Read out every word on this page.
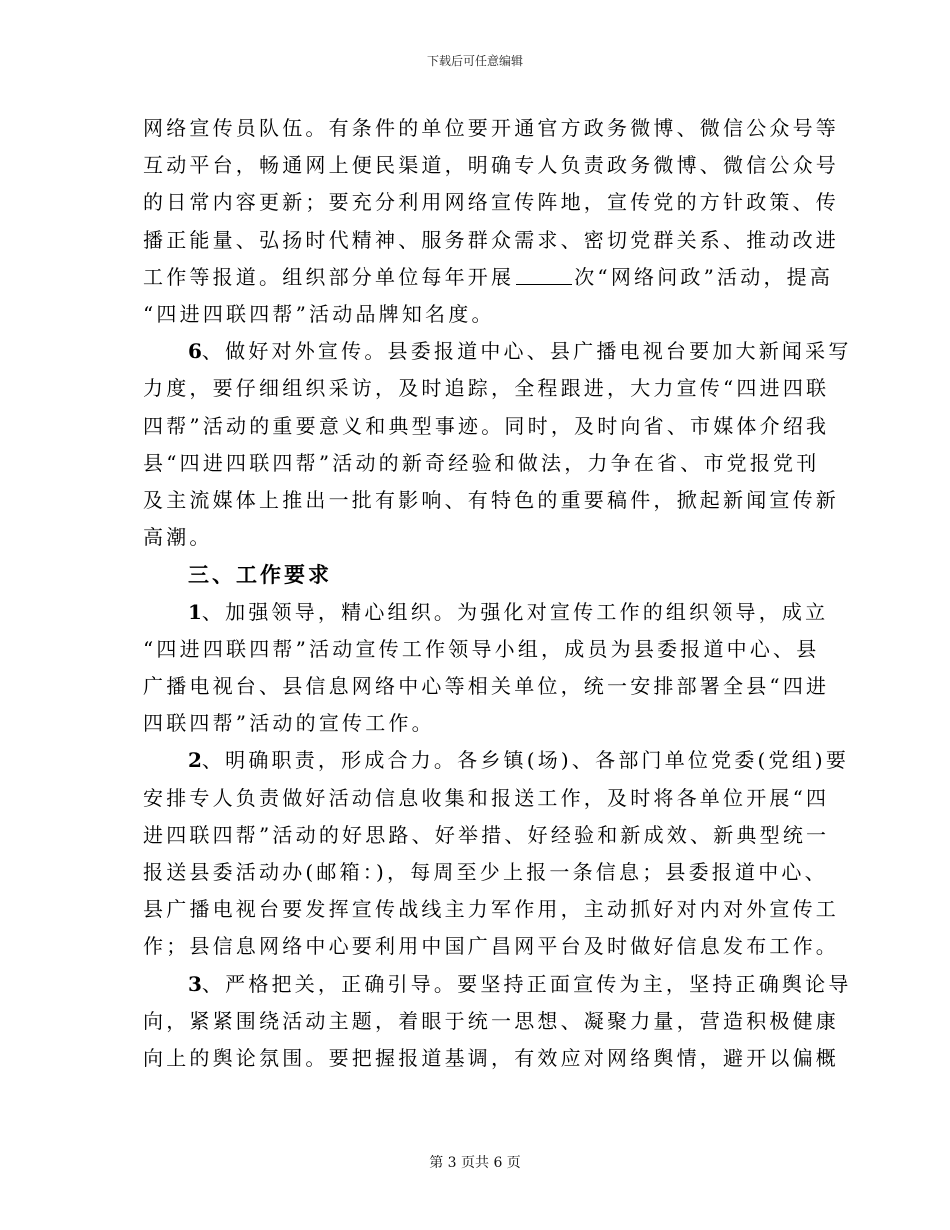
下载后可任意编辑
网络宣传员队伍。有条件的单位要开通官方政务微博、微信公众号等
互动平台，畅通网上便民渠道，明确专人负责政务微博、微信公众号
的日常内容更新；要充分利用网络宣传阵地，宣传党的方针政策、传
播正能量、弘扬时代精神、服务群众需求、密切党群关系、推动改进
工作等报道。组织部分单位每年开展	次“网络问政”活动，提高
“四进四联四帮”活动品牌知名度。
6、做好对外宣传。县委报道中心、县广播电视台要加大新闻采写
力度，要仔细组织采访，及时追踪，全程跟进，大力宣传“四进四联
四帮”活动的重要意义和典型事迹。同时，及时向省、市媒体介绍我
县“四进四联四帮”活动的新奇经验和做法，力争在省、市党报党刊
及主流媒体上推出一批有影响、有特色的重要稿件，掀起新闻宣传新
高潮。
三、工作要求
1、加强领导，精心组织。为强化对宣传工作的组织领导，成立
“四进四联四帮”活动宣传工作领导小组，成员为县委报道中心、县
广播电视台、县信息网络中心等相关单位，统一安排部署全县“四进
四联四帮”活动的宣传工作。
2、明确职责，形成合力。各乡镇(场)、各部门单位党委(党组)要
安排专人负责做好活动信息收集和报送工作，及时将各单位开展“四
进四联四帮”活动的好思路、好举措、好经验和新成效、新典型统一
报送县委活动办(邮箱：)，每周至少上报一条信息；县委报道中心、
县广播电视台要发挥宣传战线主力军作用，主动抓好对内对外宣传工
作；县信息网络中心要利用中国广昌网平台及时做好信息发布工作。
3、严格把关，正确引导。要坚持正面宣传为主，坚持正确舆论导
向，紧紧围绕活动主题，着眼于统一思想、凝聚力量，营造积极健康
向上的舆论氛围。要把握报道基调，有效应对网络舆情，避开以偏概
第 3 页共 6 页
